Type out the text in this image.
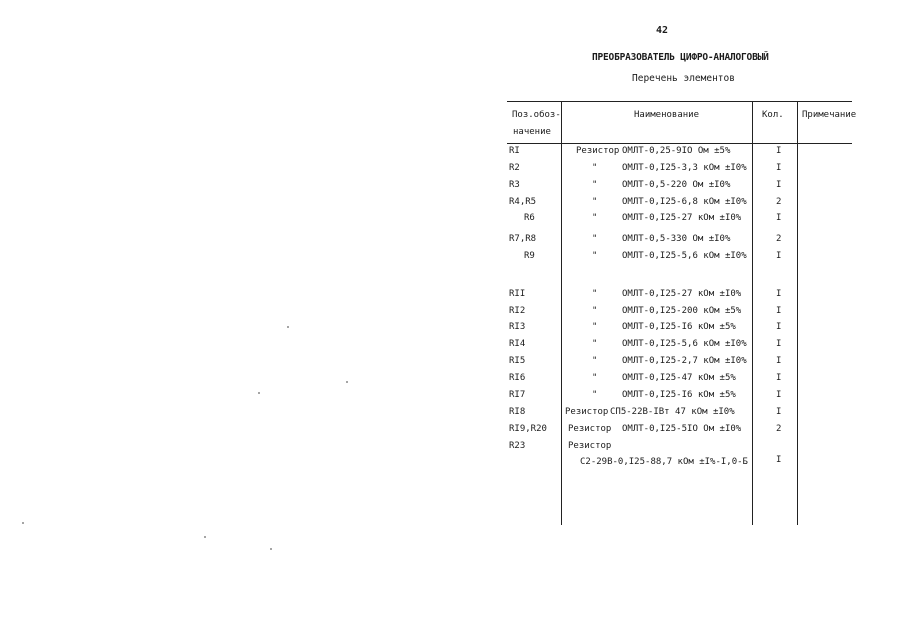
42
ПРЕОБРАЗОВАТЕЛЬ ЦИФРО-АНАЛОГОВЫЙ
Перечень элементов
Поз.обоз-
начение
Наименование	Кол. Примечание
RI	Резистор ОМЛТ-0,25-9IO Ом ±5%	I
R2	"	ОМЛТ-0,I25-3,3 кОм ±I0%	I
R3	"	ОМЛТ-0,5-220 Ом ±I0%	I
R4,R5	"	ОМЛТ-0,I25-6,8 кОм ±I0%	2
R6	"	ОМЛТ-0,I25-27 кОм ±I0%	I
R7,R8	"	ОМЛТ-0,5-330 Ом ±I0%	2
R9	"	ОМЛТ-0,I25-5,6 кОм ±I0%	I
RII	"	ОМЛТ-0,I25-27 кОм ±I0%	I
RI2	"	ОМЛТ-0,I25-200 кОм ±5%	I
RI3	"	ОМЛТ-0,I25-I6 кОм ±5%	I
RI4	"	ОМЛТ-0,I25-5,6 кОм ±I0%	I
RI5	"	ОМЛТ-0,I25-2,7 кОм ±I0%	I
RI6	"	ОМЛТ-0,I25-47 кОм ±5%	I
RI7	"	ОМЛТ-0,I25-I6 кОм ±5%	I
RI8	Резистор СП5-22В-IВт 47 кОм ±I0%	I
RI9,R20 Резистор ОМЛТ-0,I25-5IO Ом ±I0%	2
R23	Резистор
С2-29В-0,I25-88,7 кОм ±I%-I,0-Б	I
